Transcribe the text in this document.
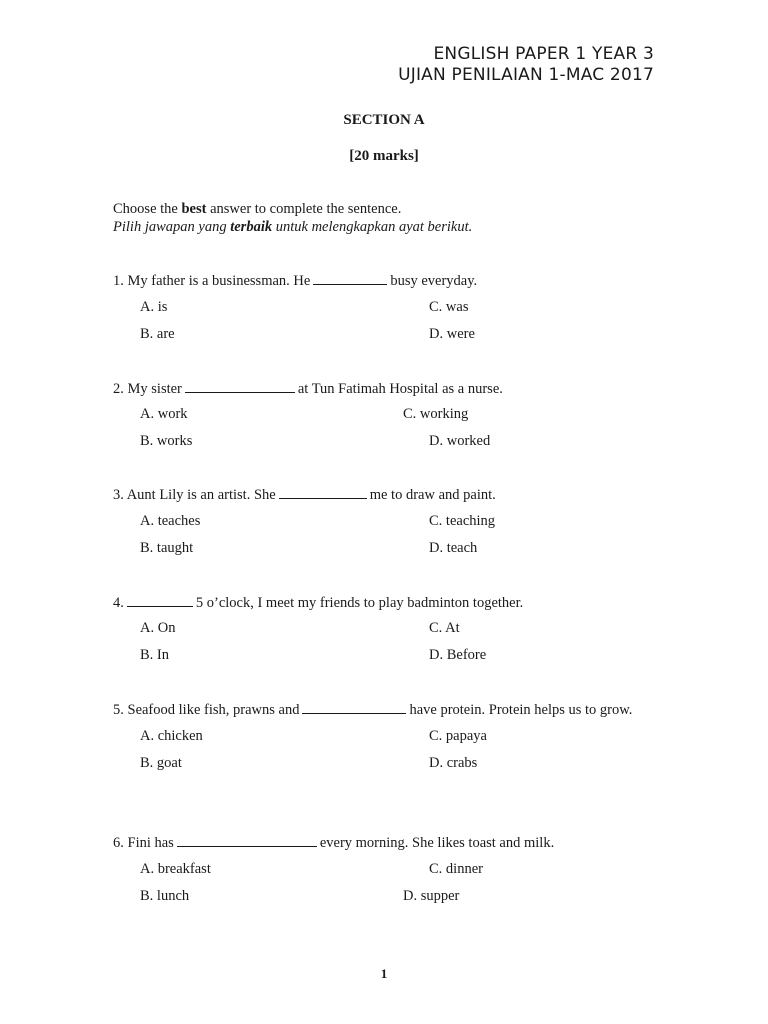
ENGLISH PAPER 1 YEAR 3
UJIAN PENILAIAN 1-MAC 2017
SECTION A
[20 marks]
Choose the best answer to complete the sentence.
Pilih jawapan yang terbaik untuk melengkapkan ayat berikut.
1. My father is a businessman. He	busy everyday.
A. is	C. was
B. are	D. were
2. My sister	at Tun Fatimah Hospital as a nurse.
A. work	C. working
B. works	D. worked
3. Aunt Lily is an artist. She	me to draw and paint.
A. teaches	C. teaching
B. taught	D. teach
4.	5 o’clock, I meet my friends to play badminton together.
A. On	C. At
B. In	D. Before
5. Seafood like fish, prawns and	have protein. Protein helps us to grow.
A. chicken	C. papaya
B. goat	D. crabs
6. Fini has	every morning. She likes toast and milk.
A. breakfast	C. dinner
B. lunch	D. supper
1
